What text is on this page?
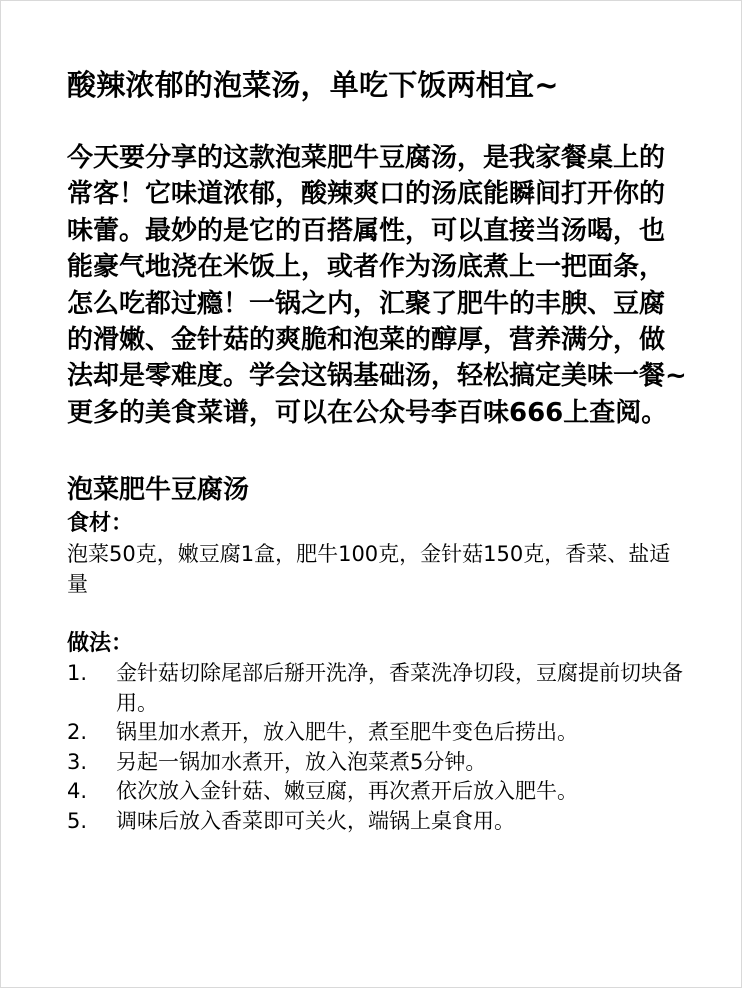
酸辣浓郁的泡菜汤，单吃下饭两相宜~

今天要分享的这款泡菜肥牛豆腐汤，是我家餐桌上的常客！它味道浓郁，酸辣爽口的汤底能瞬间打开你的味蕾。最妙的是它的百搭属性，可以直接当汤喝，也能豪气地浇在米饭上，或者作为汤底煮上一把面条，怎么吃都过瘾！一锅之内，汇聚了肥牛的丰腴、豆腐的滑嫩、金针菇的爽脆和泡菜的醇厚，营养满分，做法却是零难度。学会这锅基础汤，轻松搞定美味一餐~ 更多的美食菜谱，可以在公众号李百味666上查阅。

泡菜肥牛豆腐汤
食材：

泡菜50克，嫩豆腐1盒，肥牛100克，金针菇150克，香菜、盐适量

做法：
1. 金针菇切除尾部后掰开洗净，香菜洗净切段，豆腐提前切块备用。
2. 锅里加水煮开，放入肥牛，煮至肥牛变色后捞出。
3. 另起一锅加水煮开，放入泡菜煮5分钟。
4. 依次放入金针菇、嫩豆腐，再次煮开后放入肥牛。
5. 调味后放入香菜即可关火，端锅上桌食用。
